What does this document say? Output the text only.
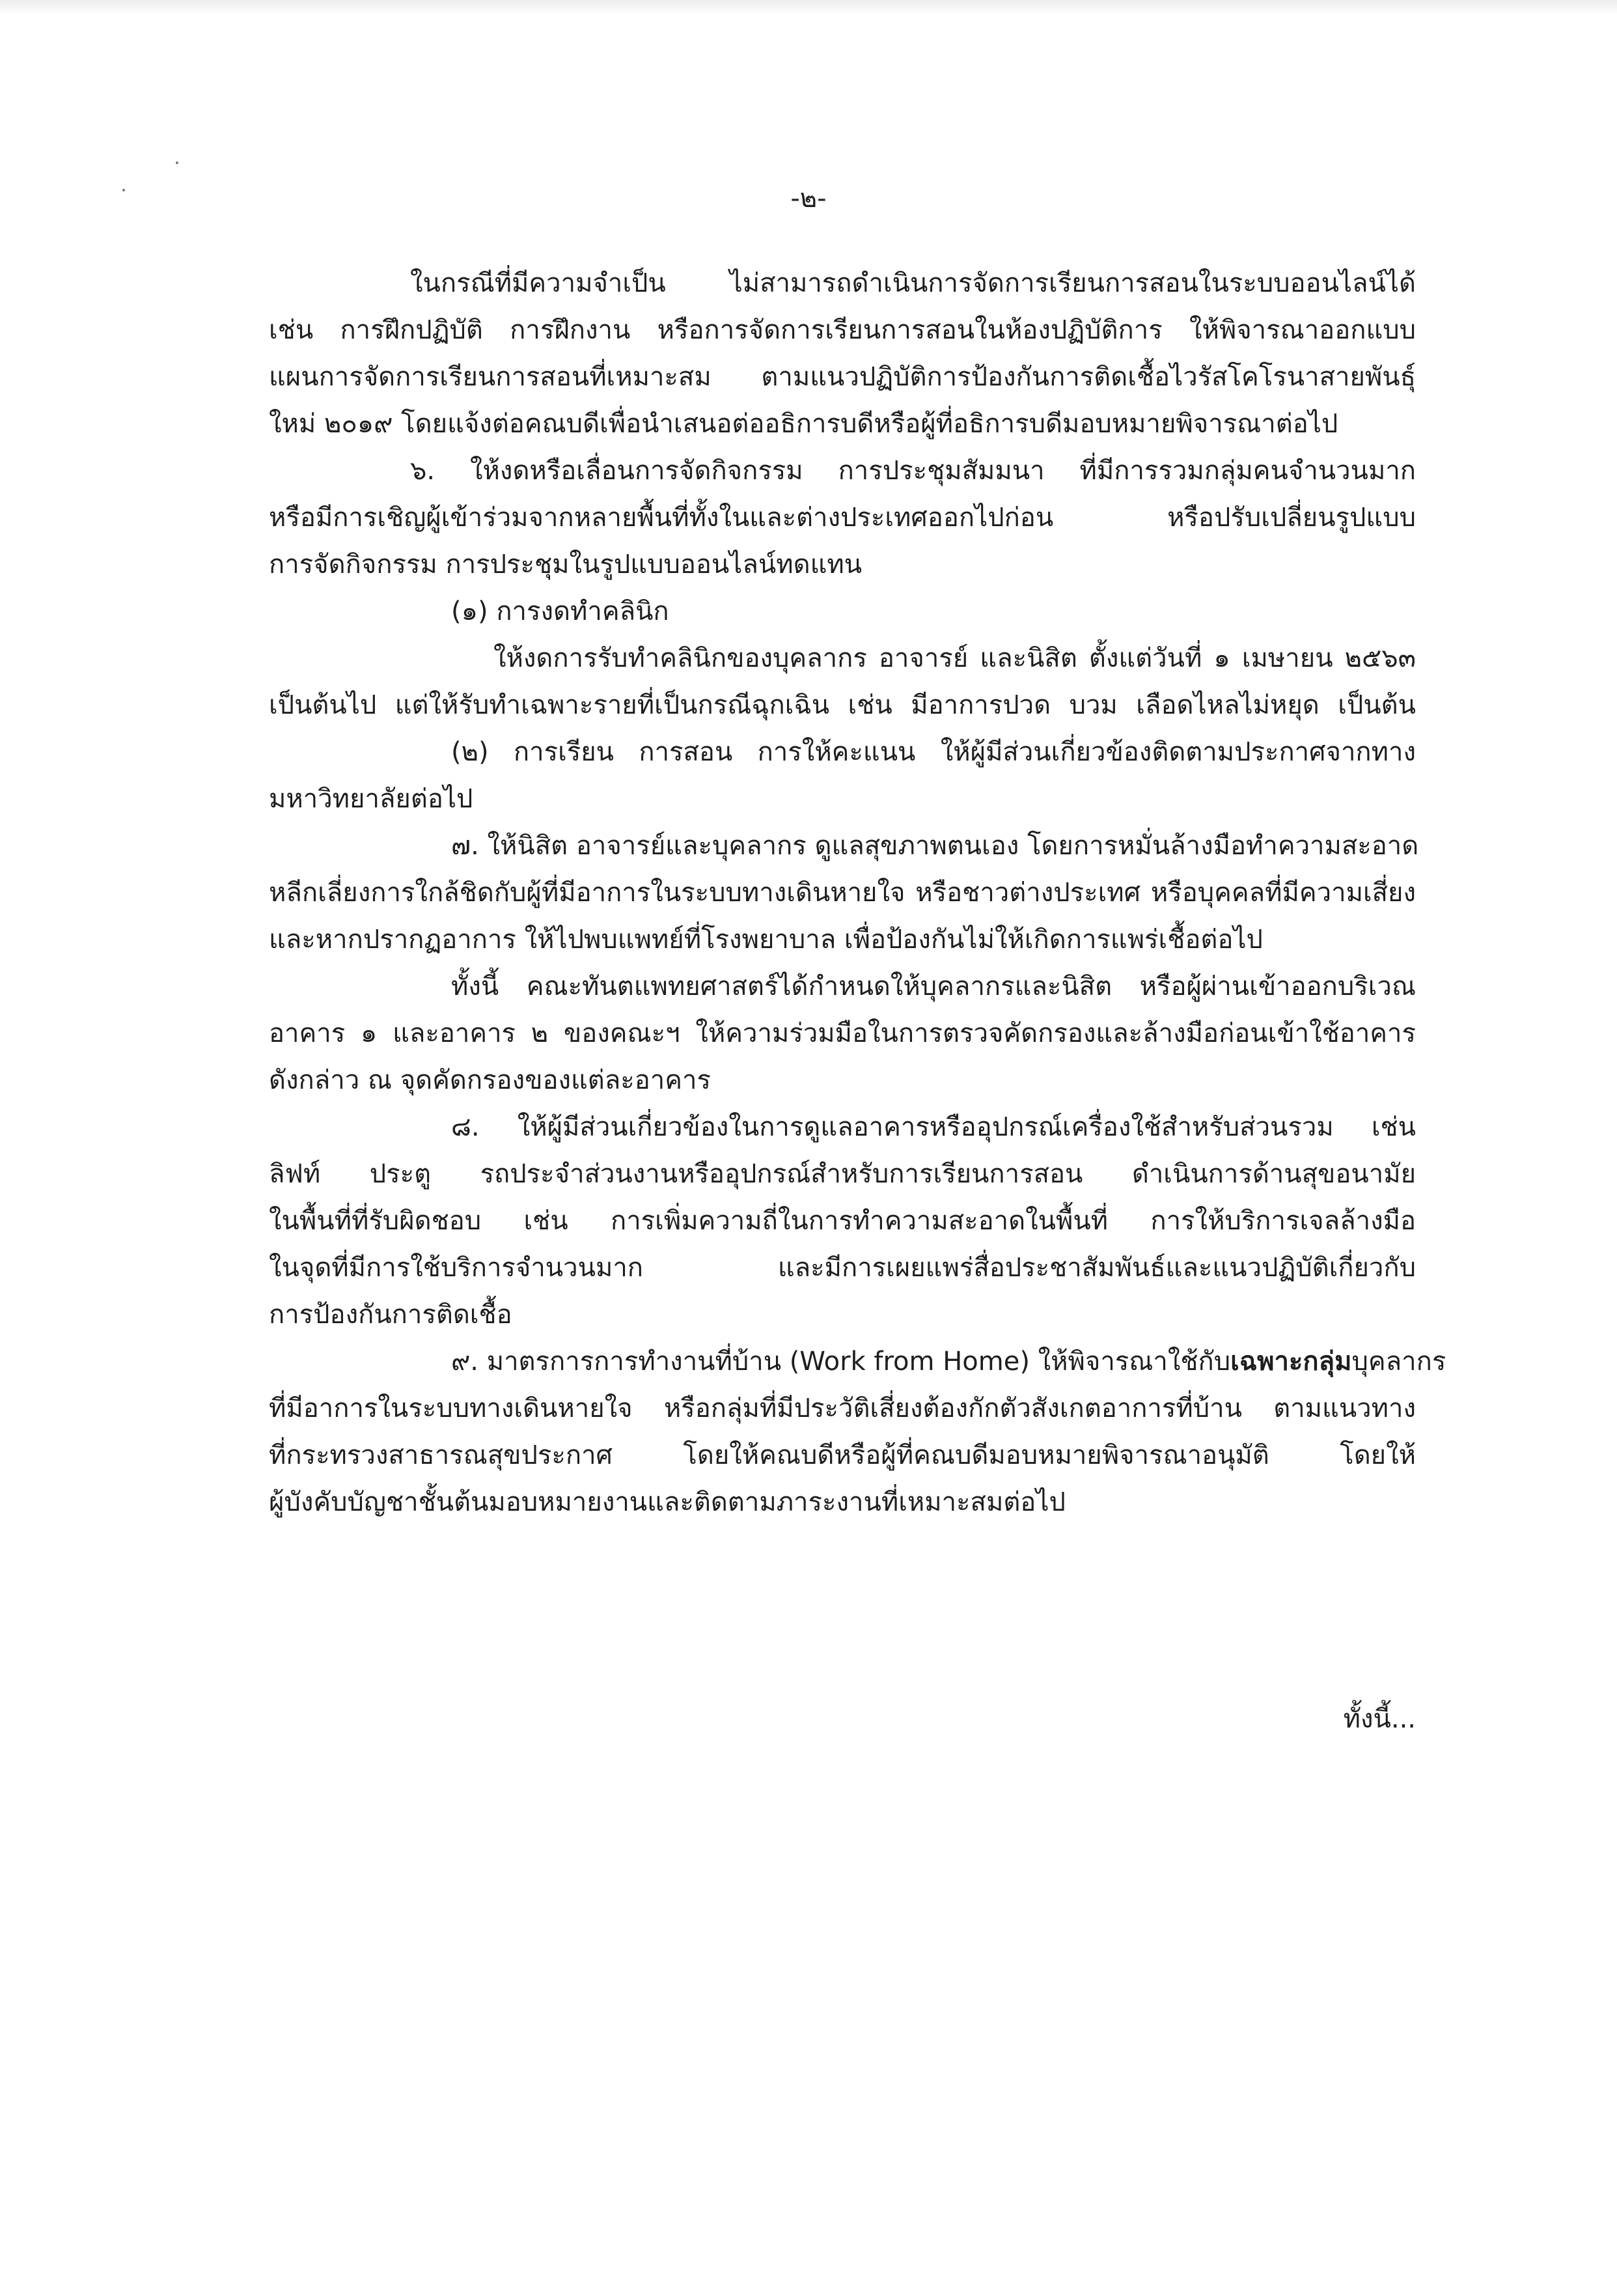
-๒-
ในกรณีที่มีความจำเป็น ไม่สามารถดำเนินการจัดการเรียนการสอนในระบบออนไลน์ได้
เช่น การฝึกปฏิบัติ การฝึกงาน หรือการจัดการเรียนการสอนในห้องปฏิบัติการ ให้พิจารณาออกแบบ
แผนการจัดการเรียนการสอนที่เหมาะสม ตามแนวปฏิบัติการป้องกันการติดเชื้อไวรัสโคโรนาสายพันธุ์
ใหม่ ๒๐๑๙ โดยแจ้งต่อคณบดีเพื่อนำเสนอต่ออธิการบดีหรือผู้ที่อธิการบดีมอบหมายพิจารณาต่อไป
๖. ให้งดหรือเลื่อนการจัดกิจกรรม การประชุมสัมมนา ที่มีการรวมกลุ่มคนจำนวนมาก
หรือมีการเชิญผู้เข้าร่วมจากหลายพื้นที่ทั้งในและต่างประเทศออกไปก่อน หรือปรับเปลี่ยนรูปแบบ
การจัดกิจกรรม การประชุมในรูปแบบออนไลน์ทดแทน
(๑) การงดทำคลินิก
ให้งดการรับทำคลินิกของบุคลากร อาจารย์ และนิสิต ตั้งแต่วันที่ ๑ เมษายน ๒๕๖๓
เป็นต้นไป แต่ให้รับทำเฉพาะรายที่เป็นกรณีฉุกเฉิน เช่น มีอาการปวด บวม เลือดไหลไม่หยุด เป็นต้น
(๒) การเรียน การสอน การให้คะแนน ให้ผู้มีส่วนเกี่ยวข้องติดตามประกาศจากทาง
มหาวิทยาลัยต่อไป
๗. ให้นิสิต อาจารย์และบุคลากร ดูแลสุขภาพตนเอง โดยการหมั่นล้างมือทำความสะอาด
หลีกเลี่ยงการใกล้ชิดกับผู้ที่มีอาการในระบบทางเดินหายใจ หรือชาวต่างประเทศ หรือบุคคลที่มีความเสี่ยง
และหากปรากฏอาการ ให้ไปพบแพทย์ที่โรงพยาบาล เพื่อป้องกันไม่ให้เกิดการแพร่เชื้อต่อไป
ทั้งนี้ คณะทันตแพทยศาสตร์ได้กำหนดให้บุคลากรและนิสิต หรือผู้ผ่านเข้าออกบริเวณ
อาคาร ๑ และอาคาร ๒ ของคณะฯ ให้ความร่วมมือในการตรวจคัดกรองและล้างมือก่อนเข้าใช้อาคาร
ดังกล่าว ณ จุดคัดกรองของแต่ละอาคาร
๘. ให้ผู้มีส่วนเกี่ยวข้องในการดูแลอาคารหรืออุปกรณ์เครื่องใช้สำหรับส่วนรวม เช่น
ลิฟท์ ประตู รถประจำส่วนงานหรืออุปกรณ์สำหรับการเรียนการสอน ดำเนินการด้านสุขอนามัย
ในพื้นที่ที่รับผิดชอบ เช่น การเพิ่มความถี่ในการทำความสะอาดในพื้นที่ การให้บริการเจลล้างมือ
ในจุดที่มีการใช้บริการจำนวนมาก และมีการเผยแพร่สื่อประชาสัมพันธ์และแนวปฏิบัติเกี่ยวกับ
การป้องกันการติดเชื้อ
๙. มาตรการการทำงานที่บ้าน (Work from Home) ให้พิจารณาใช้กับเฉพาะกลุ่มบุคลากร
ที่มีอาการในระบบทางเดินหายใจ หรือกลุ่มที่มีประวัติเสี่ยงต้องกักตัวสังเกตอาการที่บ้าน ตามแนวทาง
ที่กระทรวงสาธารณสุขประกาศ โดยให้คณบดีหรือผู้ที่คณบดีมอบหมายพิจารณาอนุมัติ โดยให้
ผู้บังคับบัญชาชั้นต้นมอบหมายงานและติดตามภาระงานที่เหมาะสมต่อไป
ทั้งนี้...
